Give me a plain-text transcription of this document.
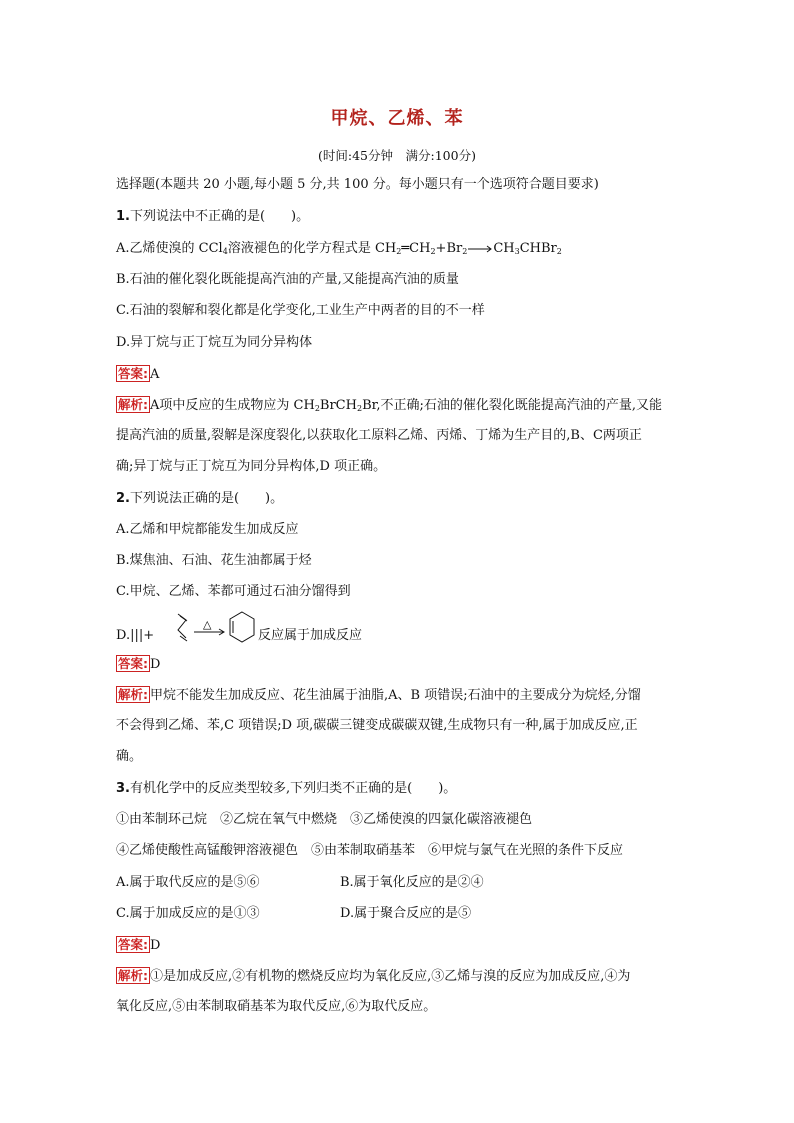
甲烷、乙烯、苯
(时间:45分钟　满分:100分)
选择题(本题共 20 小题,每小题 5 分,共 100 分。每小题只有一个选项符合题目要求)
1.下列说法中不正确的是(　　)。
A.乙烯使溴的 CCl$_4$溶液褪色的化学方程式是 $CH_2═CH_2+Br_2\to CH_3CHBr_2$
B.石油的催化裂化既能提高汽油的产量,又能提高汽油的质量
C.石油的裂解和裂化都是化学变化,工业生产中两者的目的不一样
D.异丁烷与正丁烷互为同分异构体
答案: A
解析: A项中反应的生成物应为 $CH_2BrCH_2Br$,不正确;石油的催化裂化既能提高汽油的产量,又能
提高汽油的质量,裂解是深度裂化,以获取化工原料乙烯、丙烯、丁烯为生产目的,B、C两项正
确;异丁烷与正丁烷互为同分异构体,D 项正确。
2.下列说法正确的是(　　)。
A.乙烯和甲烷都能发生加成反应
B.煤焦油、石油、花生油都属于烃
C.甲烷、乙烯、苯都可通过石油分馏得到
D.|||+
△
反应属于加成反应
答案: D
解析: 甲烷不能发生加成反应、花生油属于油脂,A、B 项错误;石油中的主要成分为烷烃,分馏
不会得到乙烯、苯,C 项错误;D 项,碳碳三键变成碳碳双键,生成物只有一种,属于加成反应,正
确。
3.有机化学中的反应类型较多,下列归类不正确的是(　　)。
①由苯制环己烷　②乙烷在氧气中燃烧　③乙烯使溴的四氯化碳溶液褪色
④乙烯使酸性高锰酸钾溶液褪色　⑤由苯制取硝基苯　⑥甲烷与氯气在光照的条件下反应
A.属于取代反应的是⑤⑥	B.属于氧化反应的是②④
C.属于加成反应的是①③	D.属于聚合反应的是⑤
答案: D
解析: ①是加成反应,②有机物的燃烧反应均为氧化反应,③乙烯与溴的反应为加成反应,④为
氧化反应,⑤由苯制取硝基苯为取代反应,⑥为取代反应。
